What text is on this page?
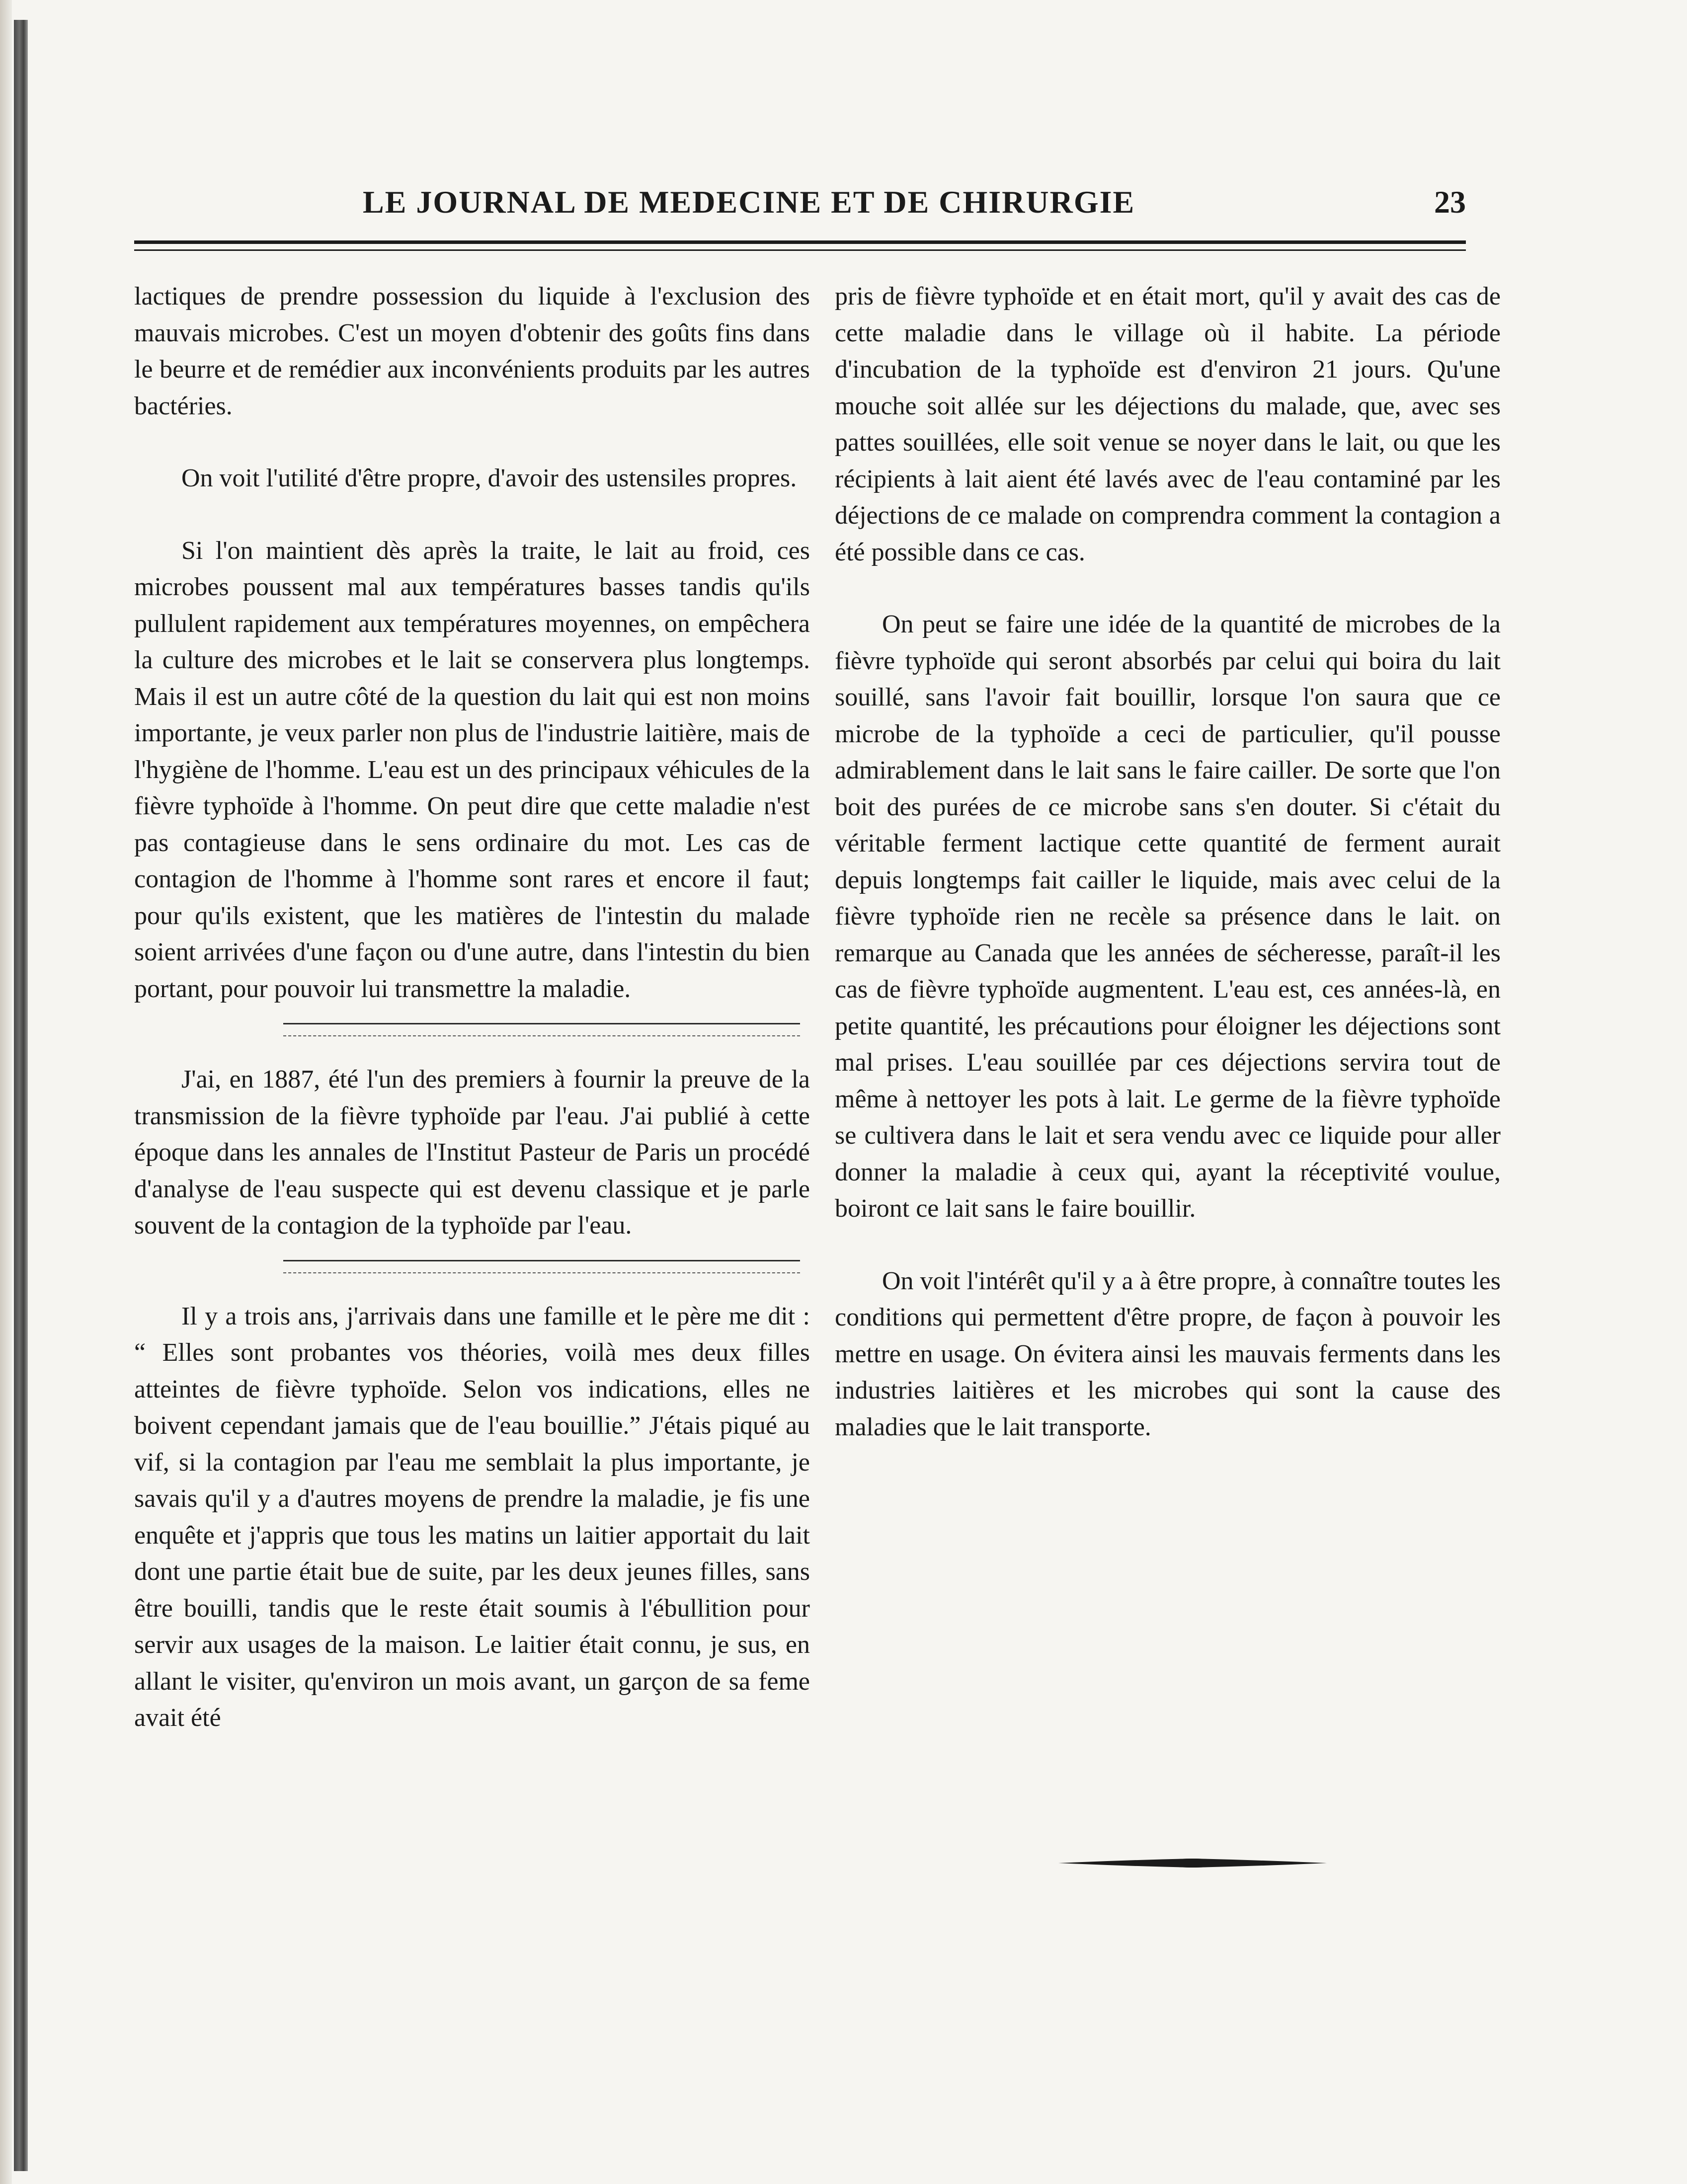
LE JOURNAL DE MEDECINE ET DE CHIRURGIE	23

lactiques de prendre possession du liquide à l'exclusion des mauvais microbes. C'est un moyen d'obtenir des goûts fins dans le beurre et de remédier aux inconvénients produits par les autres bactéries.

On voit l'utilité d'être propre, d'avoir des ustensiles propres.

Si l'on maintient dès après la traite, le lait au froid, ces microbes poussent mal aux températures basses tandis qu'ils pullulent rapidement aux températures moyennes, on empêchera la culture des microbes et le lait se conservera plus longtemps. Mais il est un autre côté de la question du lait qui est non moins importante, je veux parler non plus de l'industrie laitière, mais de l'hygiène de l'homme. L'eau est un des principaux véhicules de la fièvre typhoïde à l'homme. On peut dire que cette maladie n'est pas contagieuse dans le sens ordinaire du mot. Les cas de contagion de l'homme à l'homme sont rares et encore il faut; pour qu'ils existent, que les matières de l'intestin du malade soient arrivées d'une façon ou d'une autre, dans l'intestin du bien portant, pour pouvoir lui transmettre la maladie.

J'ai, en 1887, été l'un des premiers à fournir la preuve de la transmission de la fièvre typhoïde par l'eau. J'ai publié à cette époque dans les annales de l'Institut Pasteur de Paris un procédé d'analyse de l'eau suspecte qui est devenu classique et je parle souvent de la contagion de la typhoïde par l'eau.

Il y a trois ans, j'arrivais dans une famille et le père me dit : “ Elles sont probantes vos théories, voilà mes deux filles atteintes de fièvre typhoïde. Selon vos indications, elles ne boivent cependant jamais que de l'eau bouillie.” J'étais piqué au vif, si la contagion par l'eau me semblait la plus importante, je savais qu'il y a d'autres moyens de prendre la maladie, je fis une enquête et j'appris que tous les matins un laitier apportait du lait dont une partie était bue de suite, par les deux jeunes filles, sans être bouilli, tandis que le reste était soumis à l'ébullition pour servir aux usages de la maison. Le laitier était connu, je sus, en allant le visiter, qu'environ un mois avant, un garçon de sa feme avait été

pris de fièvre typhoïde et en était mort, qu'il y avait des cas de cette maladie dans le village où il habite. La période d'incubation de la typhoïde est d'environ 21 jours. Qu'une mouche soit allée sur les déjections du malade, que, avec ses pattes souillées, elle soit venue se noyer dans le lait, ou que les récipients à lait aient été lavés avec de l'eau contaminé par les déjections de ce malade on comprendra comment la contagion a été possible dans ce cas.

On peut se faire une idée de la quantité de microbes de la fièvre typhoïde qui seront absorbés par celui qui boira du lait souillé, sans l'avoir fait bouillir, lorsque l'on saura que ce microbe de la typhoïde a ceci de particulier, qu'il pousse admirablement dans le lait sans le faire cailler. De sorte que l'on boit des purées de ce microbe sans s'en douter. Si c'était du véritable ferment lactique cette quantité de ferment aurait depuis longtemps fait cailler le liquide, mais avec celui de la fièvre typhoïde rien ne recèle sa présence dans le lait. on remarque au Canada que les années de sécheresse, paraît-il les cas de fièvre typhoïde augmentent. L'eau est, ces années-là, en petite quantité, les précautions pour éloigner les déjections sont mal prises. L'eau souillée par ces déjections servira tout de même à nettoyer les pots à lait. Le germe de la fièvre typhoïde se cultivera dans le lait et sera vendu avec ce liquide pour aller donner la maladie à ceux qui, ayant la réceptivité voulue, boiront ce lait sans le faire bouillir.

On voit l'intérêt qu'il y a à être propre, à connaître toutes les conditions qui permettent d'être propre, de façon à pouvoir les mettre en usage. On évitera ainsi les mauvais ferments dans les industries laitières et les microbes qui sont la cause des maladies que le lait transporte.
